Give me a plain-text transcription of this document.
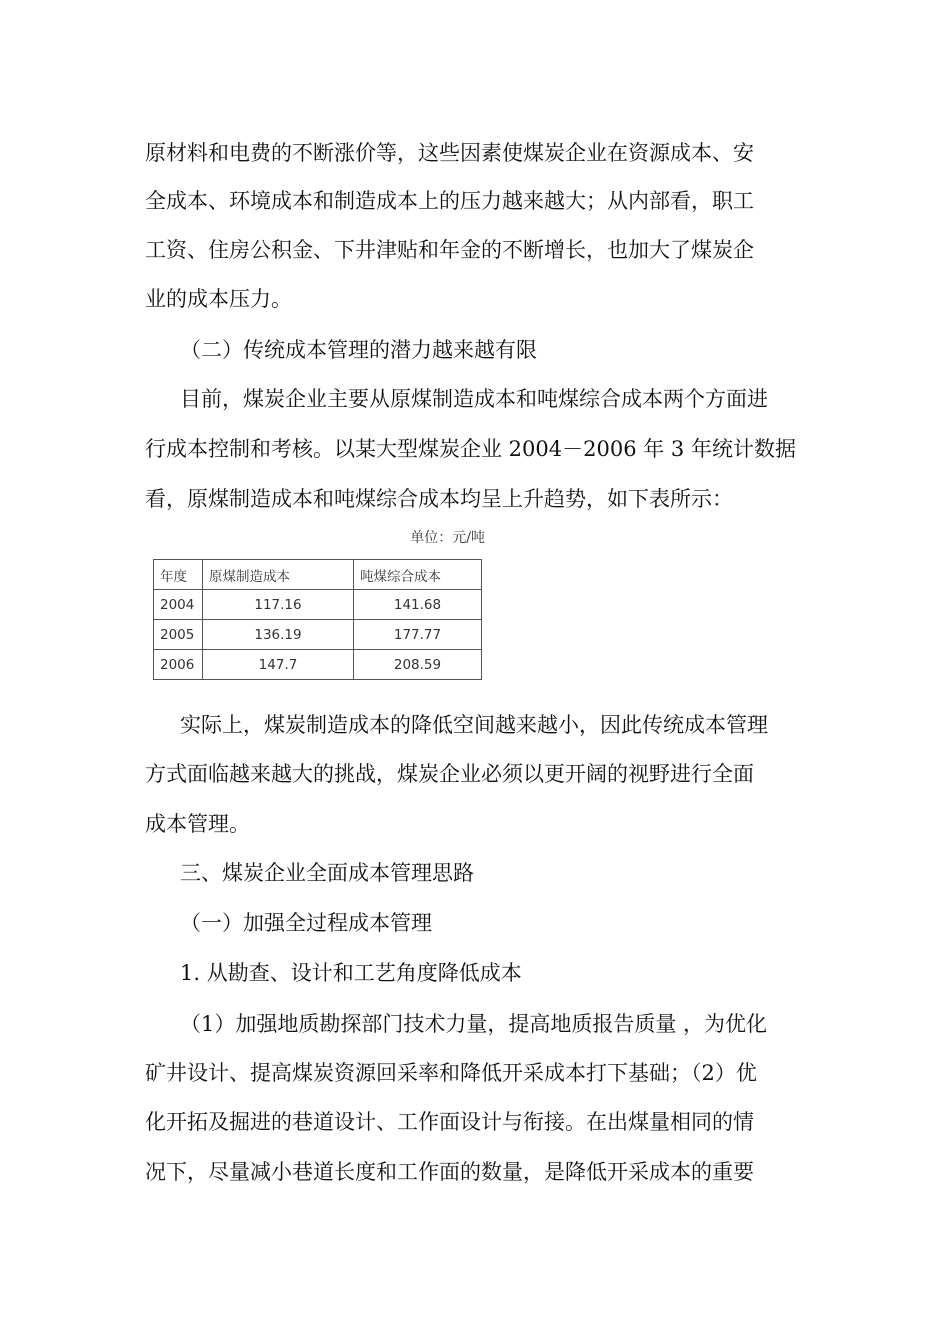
原材料和电费的不断涨价等，这些因素使煤炭企业在资源成本、安
全成本、环境成本和制造成本上的压力越来越大；从内部看，职工
工资、住房公积金、下井津贴和年金的不断增长，也加大了煤炭企
业的成本压力。
（二）传统成本管理的潜力越来越有限
目前，煤炭企业主要从原煤制造成本和吨煤综合成本两个方面进
行成本控制和考核。以某大型煤炭企业 2004－2006 年 3 年统计数据
看，原煤制造成本和吨煤综合成本均呈上升趋势，如下表所示：
单位：元/吨
年度	原煤制造成本	吨煤综合成本
2004	117.16	141.68
2005	136.19	177.77
2006	147.7	208.59
实际上，煤炭制造成本的降低空间越来越小，因此传统成本管理
方式面临越来越大的挑战，煤炭企业必须以更开阔的视野进行全面
成本管理。
三、煤炭企业全面成本管理思路
（一）加强全过程成本管理
1. 从勘查、设计和工艺角度降低成本
（1）加强地质勘探部门技术力量，提高地质报告质量 ，为优化
矿井设计、提高煤炭资源回采率和降低开采成本打下基础；（2）优
化开拓及掘进的巷道设计、工作面设计与衔接。在出煤量相同的情
况下，尽量减小巷道长度和工作面的数量，是降低开采成本的重要
